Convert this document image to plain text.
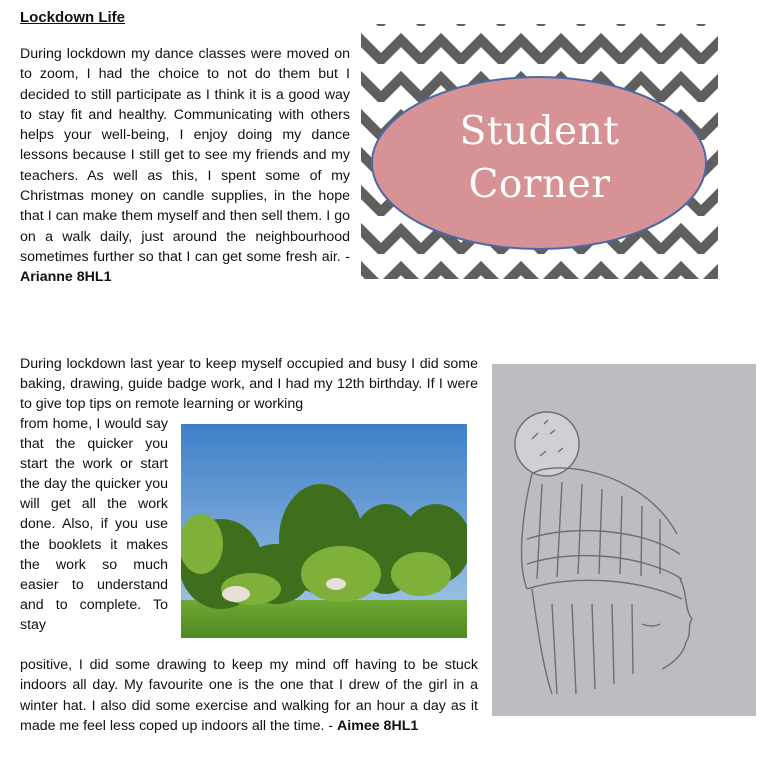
Lockdown Life
During lockdown my dance classes were moved on to zoom, I had the choice to not do them but I decided to still participate as I think it is a good way to stay fit and healthy. Communicating with others helps your well-being, I enjoy doing my dance lessons because I still get to see my friends and my teachers. As well as this, I spent some of my Christmas money on candle supplies, in the hope that I can make them myself and then sell them. I go on a walk daily, just around the neighbourhood sometimes further so that I can get some fresh air. - Arianne 8HL1
Student
Corner
During lockdown last year to keep myself occupied and busy I did some baking, drawing, guide badge work, and I had my 12th birthday. If I were to give top tips on remote learning or working
from home, I would say that the quicker you start the work or start the day the quicker you will get all the work done. Also, if you use the booklets it makes the work so much easier to understand and to complete. To stay
positive, I did some drawing to keep my mind off having to be stuck indoors all day. My favourite one is the one that I drew of the girl in a winter hat. I also did some exercise and walking for an hour a day as it made me feel less coped up indoors all the time. - Aimee 8HL1
